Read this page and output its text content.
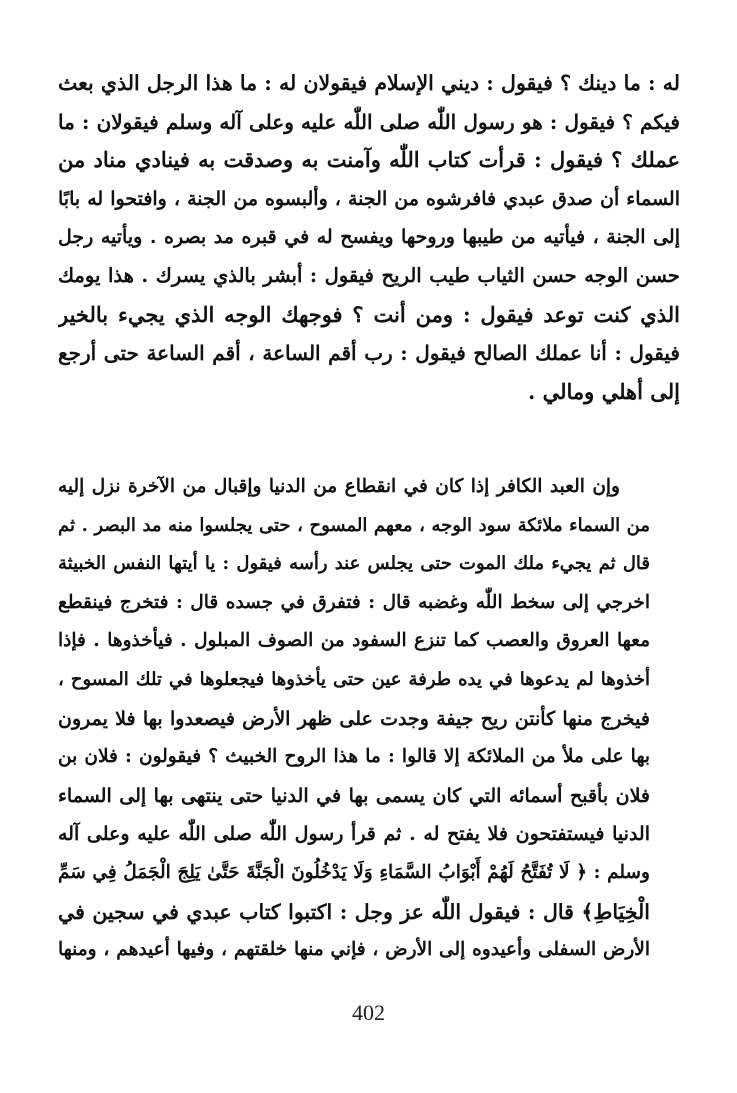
له : ما دينك ؟ فيقول : ديني الإسلام فيقولان له : ما هذا الرجل الذي بعث
فيكم ؟ فيقول : هو رسول اللّٰه صلى اللّٰه عليه وعلى آله وسلم فيقولان : ما
عملك ؟ فيقول : قرأت كتاب اللّٰه وآمنت به وصدقت به فينادي مناد من
السماء أن صدق عبدي فافرشوه من الجنة ، وألبسوه من الجنة ، وافتحوا له بابًا
إلى الجنة ، فيأتيه من طيبها وروحها ويفسح له في قبره مد بصره . ويأتيه رجل
حسن الوجه حسن الثياب طيب الريح فيقول : أبشر بالذي يسرك . هذا يومك
الذي كنت توعد فيقول : ومن أنت ؟ فوجهك الوجه الذي يجيء بالخير
فيقول : أنا عملك الصالح فيقول : رب أقم الساعة ، أقم الساعة حتى أرجع
إلى أهلي ومالي .
وإن العبد الكافر إذا كان في انقطاع من الدنيا وإقبال من الآخرة نزل إليه
من السماء ملائكة سود الوجه ، معهم المسوح ، حتى يجلسوا منه مد البصر . ثم
قال ثم يجيء ملك الموت حتى يجلس عند رأسه فيقول : يا أيتها النفس الخبيثة
اخرجي إلى سخط اللّٰه وغضبه قال : فتفرق في جسده قال : فتخرج فينقطع
معها العروق والعصب كما تنزع السفود من الصوف المبلول . فيأخذوها . فإذا
أخذوها لم يدعوها في يده طرفة عين حتى يأخذوها فيجعلوها في تلك المسوح ،
فيخرج منها كأنتن ريح جيفة وجدت على ظهر الأرض فيصعدوا بها فلا يمرون
بها على ملأ من الملائكة إلا قالوا : ما هذا الروح الخبيث ؟ فيقولون : فلان بن
فلان بأقبح أسمائه التي كان يسمى بها في الدنيا حتى ينتهى بها إلى السماء
الدنيا فيستفتحون فلا يفتح له . ثم قرأ رسول اللّٰه صلى اللّٰه عليه وعلى آله
وسلم : ﴿ لَا تُفَتَّحُ لَهُمْ أَبْوَابُ السَّمَاءِ وَلَا يَدْخُلُونَ الْجَنَّةَ حَتَّىٰ يَلِجَ الْجَمَلُ فِي سَمِّ
الْخِيَاطِ﴾ قال : فيقول اللّٰه عز وجل : اكتبوا كتاب عبدي في سجين في
الأرض السفلى وأعيدوه إلى الأرض ، فإني منها خلقتهم ، وفيها أعيدهم ، ومنها
402
